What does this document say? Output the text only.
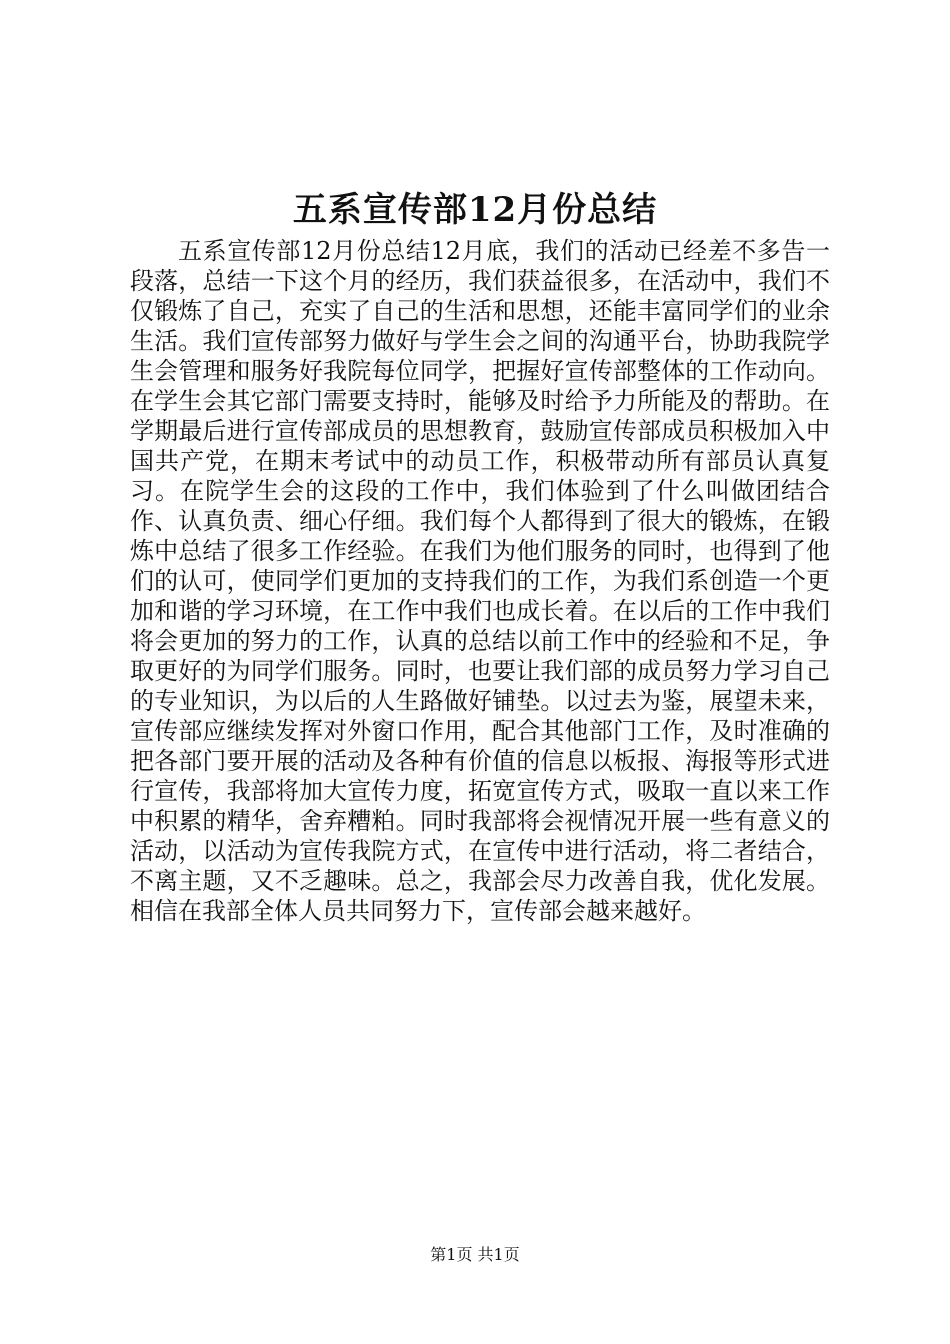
五系宣传部12月份总结

五系宣传部12月份总结12月底，我们的活动已经差不多告一段落，总结一下这个月的经历，我们获益很多，在活动中，我们不仅锻炼了自己，充实了自己的生活和思想，还能丰富同学们的业余生活。我们宣传部努力做好与学生会之间的沟通平台，协助我院学生会管理和服务好我院每位同学，把握好宣传部整体的工作动向。在学生会其它部门需要支持时，能够及时给予力所能及的帮助。在学期最后进行宣传部成员的思想教育，鼓励宣传部成员积极加入中国共产党，在期末考试中的动员工作，积极带动所有部员认真复习。在院学生会的这段的工作中，我们体验到了什么叫做团结合作、认真负责、细心仔细。我们每个人都得到了很大的锻炼，在锻炼中总结了很多工作经验。在我们为他们服务的同时，也得到了他们的认可，使同学们更加的支持我们的工作，为我们系创造一个更加和谐的学习环境，在工作中我们也成长着。在以后的工作中我们将会更加的努力的工作，认真的总结以前工作中的经验和不足，争取更好的为同学们服务。同时，也要让我们部的成员努力学习自己的专业知识，为以后的人生路做好铺垫。以过去为鉴，展望未来，宣传部应继续发挥对外窗口作用，配合其他部门工作，及时准确的把各部门要开展的活动及各种有价值的信息以板报、海报等形式进行宣传，我部将加大宣传力度，拓宽宣传方式，吸取一直以来工作中积累的精华，舍弃糟粕。同时我部将会视情况开展一些有意义的活动，以活动为宣传我院方式，在宣传中进行活动，将二者结合，不离主题，又不乏趣味。总之，我部会尽力改善自我，优化发展。相信在我部全体人员共同努力下，宣传部会越来越好。

第1页 共1页
